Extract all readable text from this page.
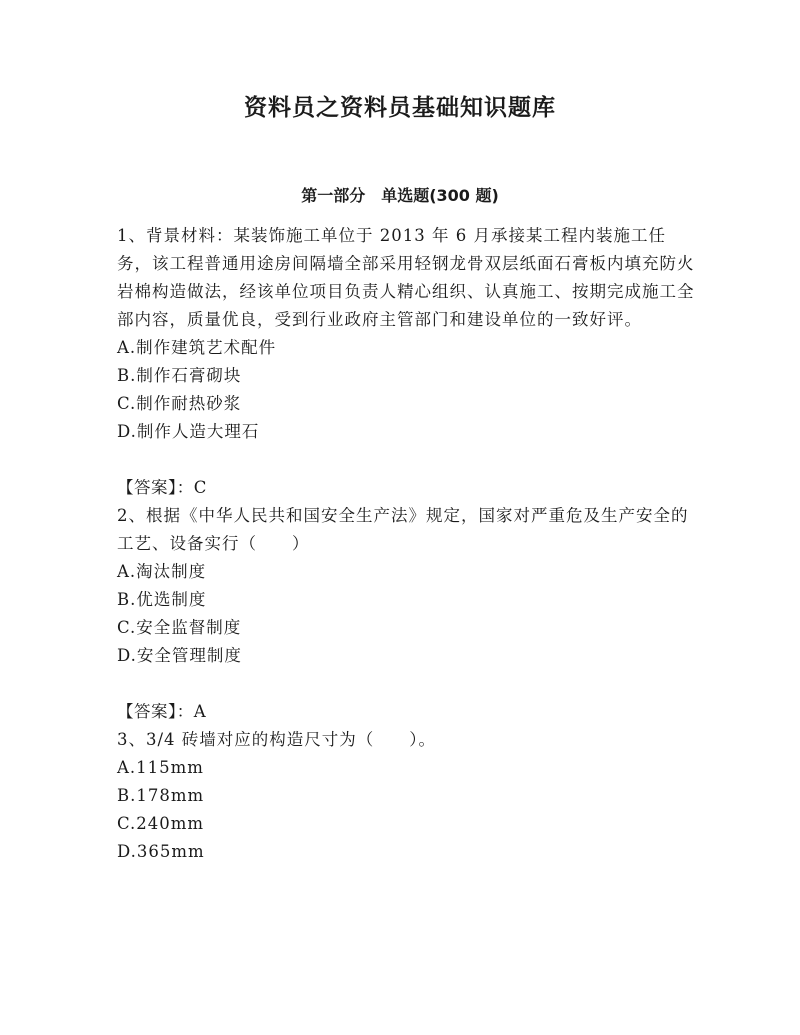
资料员之资料员基础知识题库
第一部分　单选题(300 题)

1、背景材料：某装饰施工单位于 2013 年 6 月承接某工程内装施工任务，该工程普通用途房间隔墙全部采用轻钢龙骨双层纸面石膏板内填充防火岩棉构造做法，经该单位项目负责人精心组织、认真施工、按期完成施工全部内容，质量优良，受到行业政府主管部门和建设单位的一致好评。

A.制作建筑艺术配件

B.制作石膏砌块

C.制作耐热砂浆

D.制作人造大理石

【答案】：C

2、根据《中华人民共和国安全生产法》规定，国家对严重危及生产安全的工艺、设备实行（　　）

A.淘汰制度

B.优选制度

C.安全监督制度

D.安全管理制度

【答案】：A

3、3/4 砖墙对应的构造尺寸为（　　）。

A.115mm

B.178mm

C.240mm

D.365mm
